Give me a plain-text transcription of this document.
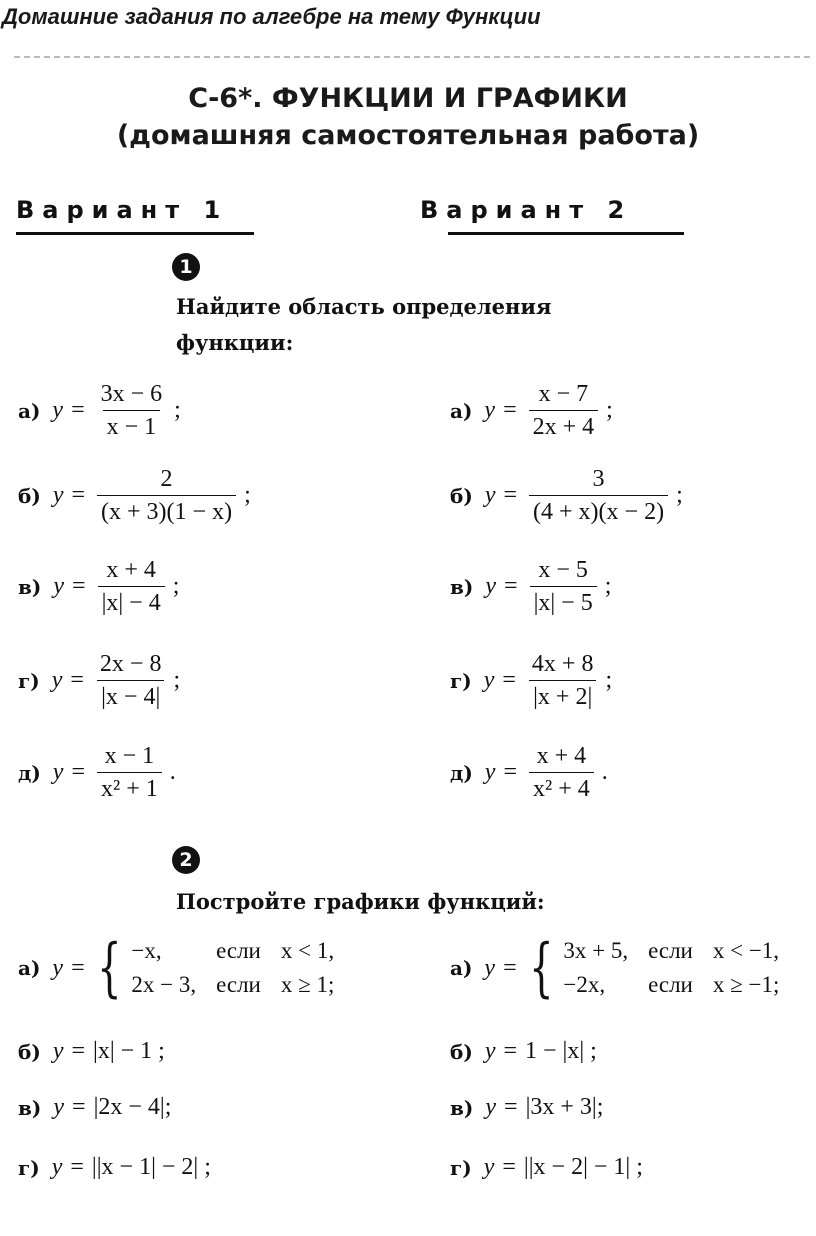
Домашние задания по алгебре на тему Функции
С-6*. ФУНКЦИИ И ГРАФИКИ
(домашняя самостоятельная работа)
Вариант 1	Вариант 2
1
Найдите область определения
функции:
а) $y = \frac{3x - 6}{x - 1}$ ;
б) $y = \frac{2}{(x + 3)(1 - x)}$ ;
в) $y = \frac{x + 4}{|x| - 4}$ ;
г) $y = \frac{2x - 8}{|x - 4|}$ ;
д) $y = \frac{x - 1}{\text{x² + 1}}$ .
а) $y = \frac{x - 7}{2x + 4}$ ;
б) $y = \frac{3}{(4 + x)(x - 2)}$ ;
в) $y = \frac{x - 5}{|x| - 5}$ ;
г) $y = \frac{4x + 8}{|x + 2|}$ ;
д) $y = \frac{x + 4}{\text{x² + 4}}$ .
2
Постройте графики функций:
а) y = { −x,	если x < 1,
2x − 3, если x ≥ 1;
а) y = { 3x + 5, если x < −1,
−2x,	если x ≥ −1;
б) y = |x| − 1 ;
в) y = |2x − 4|;
г) y = ||x − 1| − 2| ;
б) y = 1 − |x| ;
в) y = |3x + 3|;
г) y = ||x − 2| − 1| ;
